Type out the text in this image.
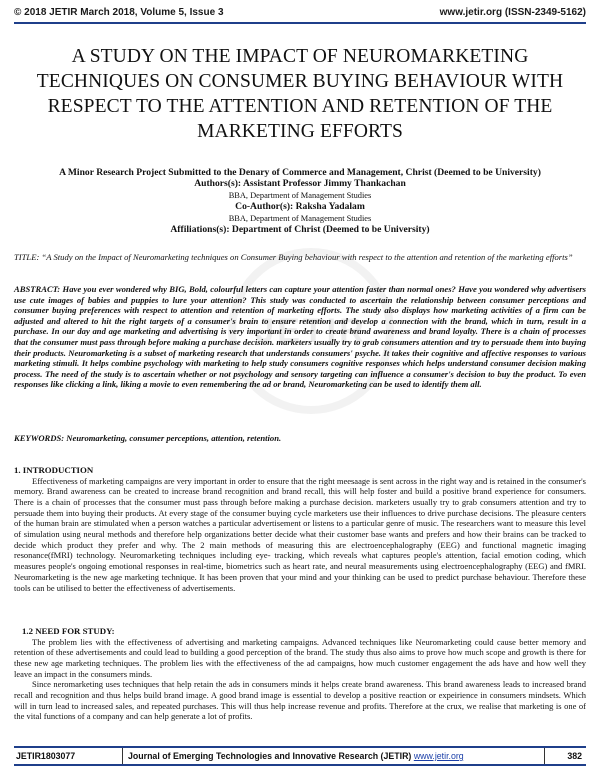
© 2018 JETIR March 2018, Volume 5, Issue 3	www.jetir.org (ISSN-2349-5162)
A STUDY ON THE IMPACT OF NEUROMARKETING TECHNIQUES ON CONSUMER BUYING BEHAVIOUR WITH RESPECT TO THE ATTENTION AND RETENTION OF THE MARKETING EFFORTS
A Minor Research Project Submitted to the Denary of Commerce and Management, Christ (Deemed to be University)
Authors(s): Assistant Professor Jimmy Thankachan
BBA, Department of Management Studies
Co-Author(s): Raksha Yadalam
BBA, Department of Management Studies
Affiliations(s): Department of Christ (Deemed to be University)
JETIR
TITLE: “A Study on the Impact of Neuromarketing techniques on Consumer Buying behaviour with respect to the attention and retention of the marketing efforts”
ABSTRACT: Have you ever wondered why BIG, Bold, colourful letters can capture your attention faster than normal ones? Have you wondered why advertisers use cute images of babies and puppies to lure your attention? This study was conducted to ascertain the relationship between consumer perceptions and consumer buying preferences with respect to attention and retention of marketing efforts. The study also displays how marketing activities of a firm can be adjusted and altered to hit the right targets of a consumer's brain to ensure retention and develop a connection with the brand, which in turn, result in a purchase. In our day and age marketing and advertising is very important in order to create brand awareness and brand loyalty. There is a chain of processes that the consumer must pass through before making a purchase decision. marketers usually try to grab consumers attention and try to persuade them into buying their products. Neuromarketing is a subset of marketing research that understands consumers' psyche. It takes their cognitive and affective responses to various marketing stimuli. It helps combine psychology with marketing to help study consumers cognitive responses which helps understand consumer decision making process. The need of the study is to ascertain whether or not psychology and sensory targeting can influence a consumer's decision to buy the product. To even responses like clicking a link, liking a movie to even remembering the ad or brand, Neuromarketing can be used to identify them all.
KEYWORDS: Neuromarketing, consumer perceptions, attention, retention.
1. INTRODUCTION

Effectiveness of marketing campaigns are very important in order to ensure that the right meesaage is sent across in the right way and is retained in the consumer's memory. Brand awareness can be created to increase brand recognition and brand recall, this will help foster and build a positive brand experience for consumers. There is a chain of processes that the consumer must pass through before making a purchase decision. marketers usually try to grab consumers attention and try to persuade them into buying their products. At every stage of the consumer buying cycle marketers use their influences to drive purchase decisions. The pleasure centers of the human brain are stimulated when a person watches a particular advertisement or listens to a particular genre of music. The researchers want to measure this level of simulation using neural methods and therefore help organizations better decide what their customer base wants and prefers and how their brains can be tracked to decide which product they prefer and why. The 2 main methods of measuring this are electroencephalography (EEG) and functional magnetic imaging resonance(fMRI) technology. Neuromarketing techniques including eye- tracking, which reveals what captures people's attention, facial emotion coding, which measures people's ongoing emotional responses in real-time, biometrics such as heart rate, and neural measurements using electroencephalography (EEG) and fMRI. Neuromarketing is the new age marketing technique. It has been proven that your mind and your thinking can be used to predict purchase behaviour. Therefore these tools can be utilised to better the effectiveness of advertisements.

1.2 NEED FOR STUDY:

The problem lies with the effectiveness of advertising and marketing campaigns. Advanced techniques like Neuromarketing could cause better memory and retention of these advertisements and could lead to building a good perception of the brand. The study thus also aims to prove how much scope and growth is there for these new age marketing techniques. The problem lies with the effectiveness of the ad campaigns, how much customer engagement the ads have and how well they leave an impact in the consumers minds.

Since neromarketing uses techniques that help retain the ads in consumers minds it helps create brand awareness. This brand awareness leads to increased brand recall and recognition and thus helps build brand image. A good brand image is essential to develop a positive reaction or expeirience in consumers mindsets. Which will in turn lead to increased sales, and repeated purchases. This will thus help increase revenue and profits. Therefore at the crux, we realise that marketing is one of the vital functions of a company and can help generate a lot of profits.

JETIR1803077	Journal of Emerging Technologies and Innovative Research (JETIR) www.jetir.org	382
